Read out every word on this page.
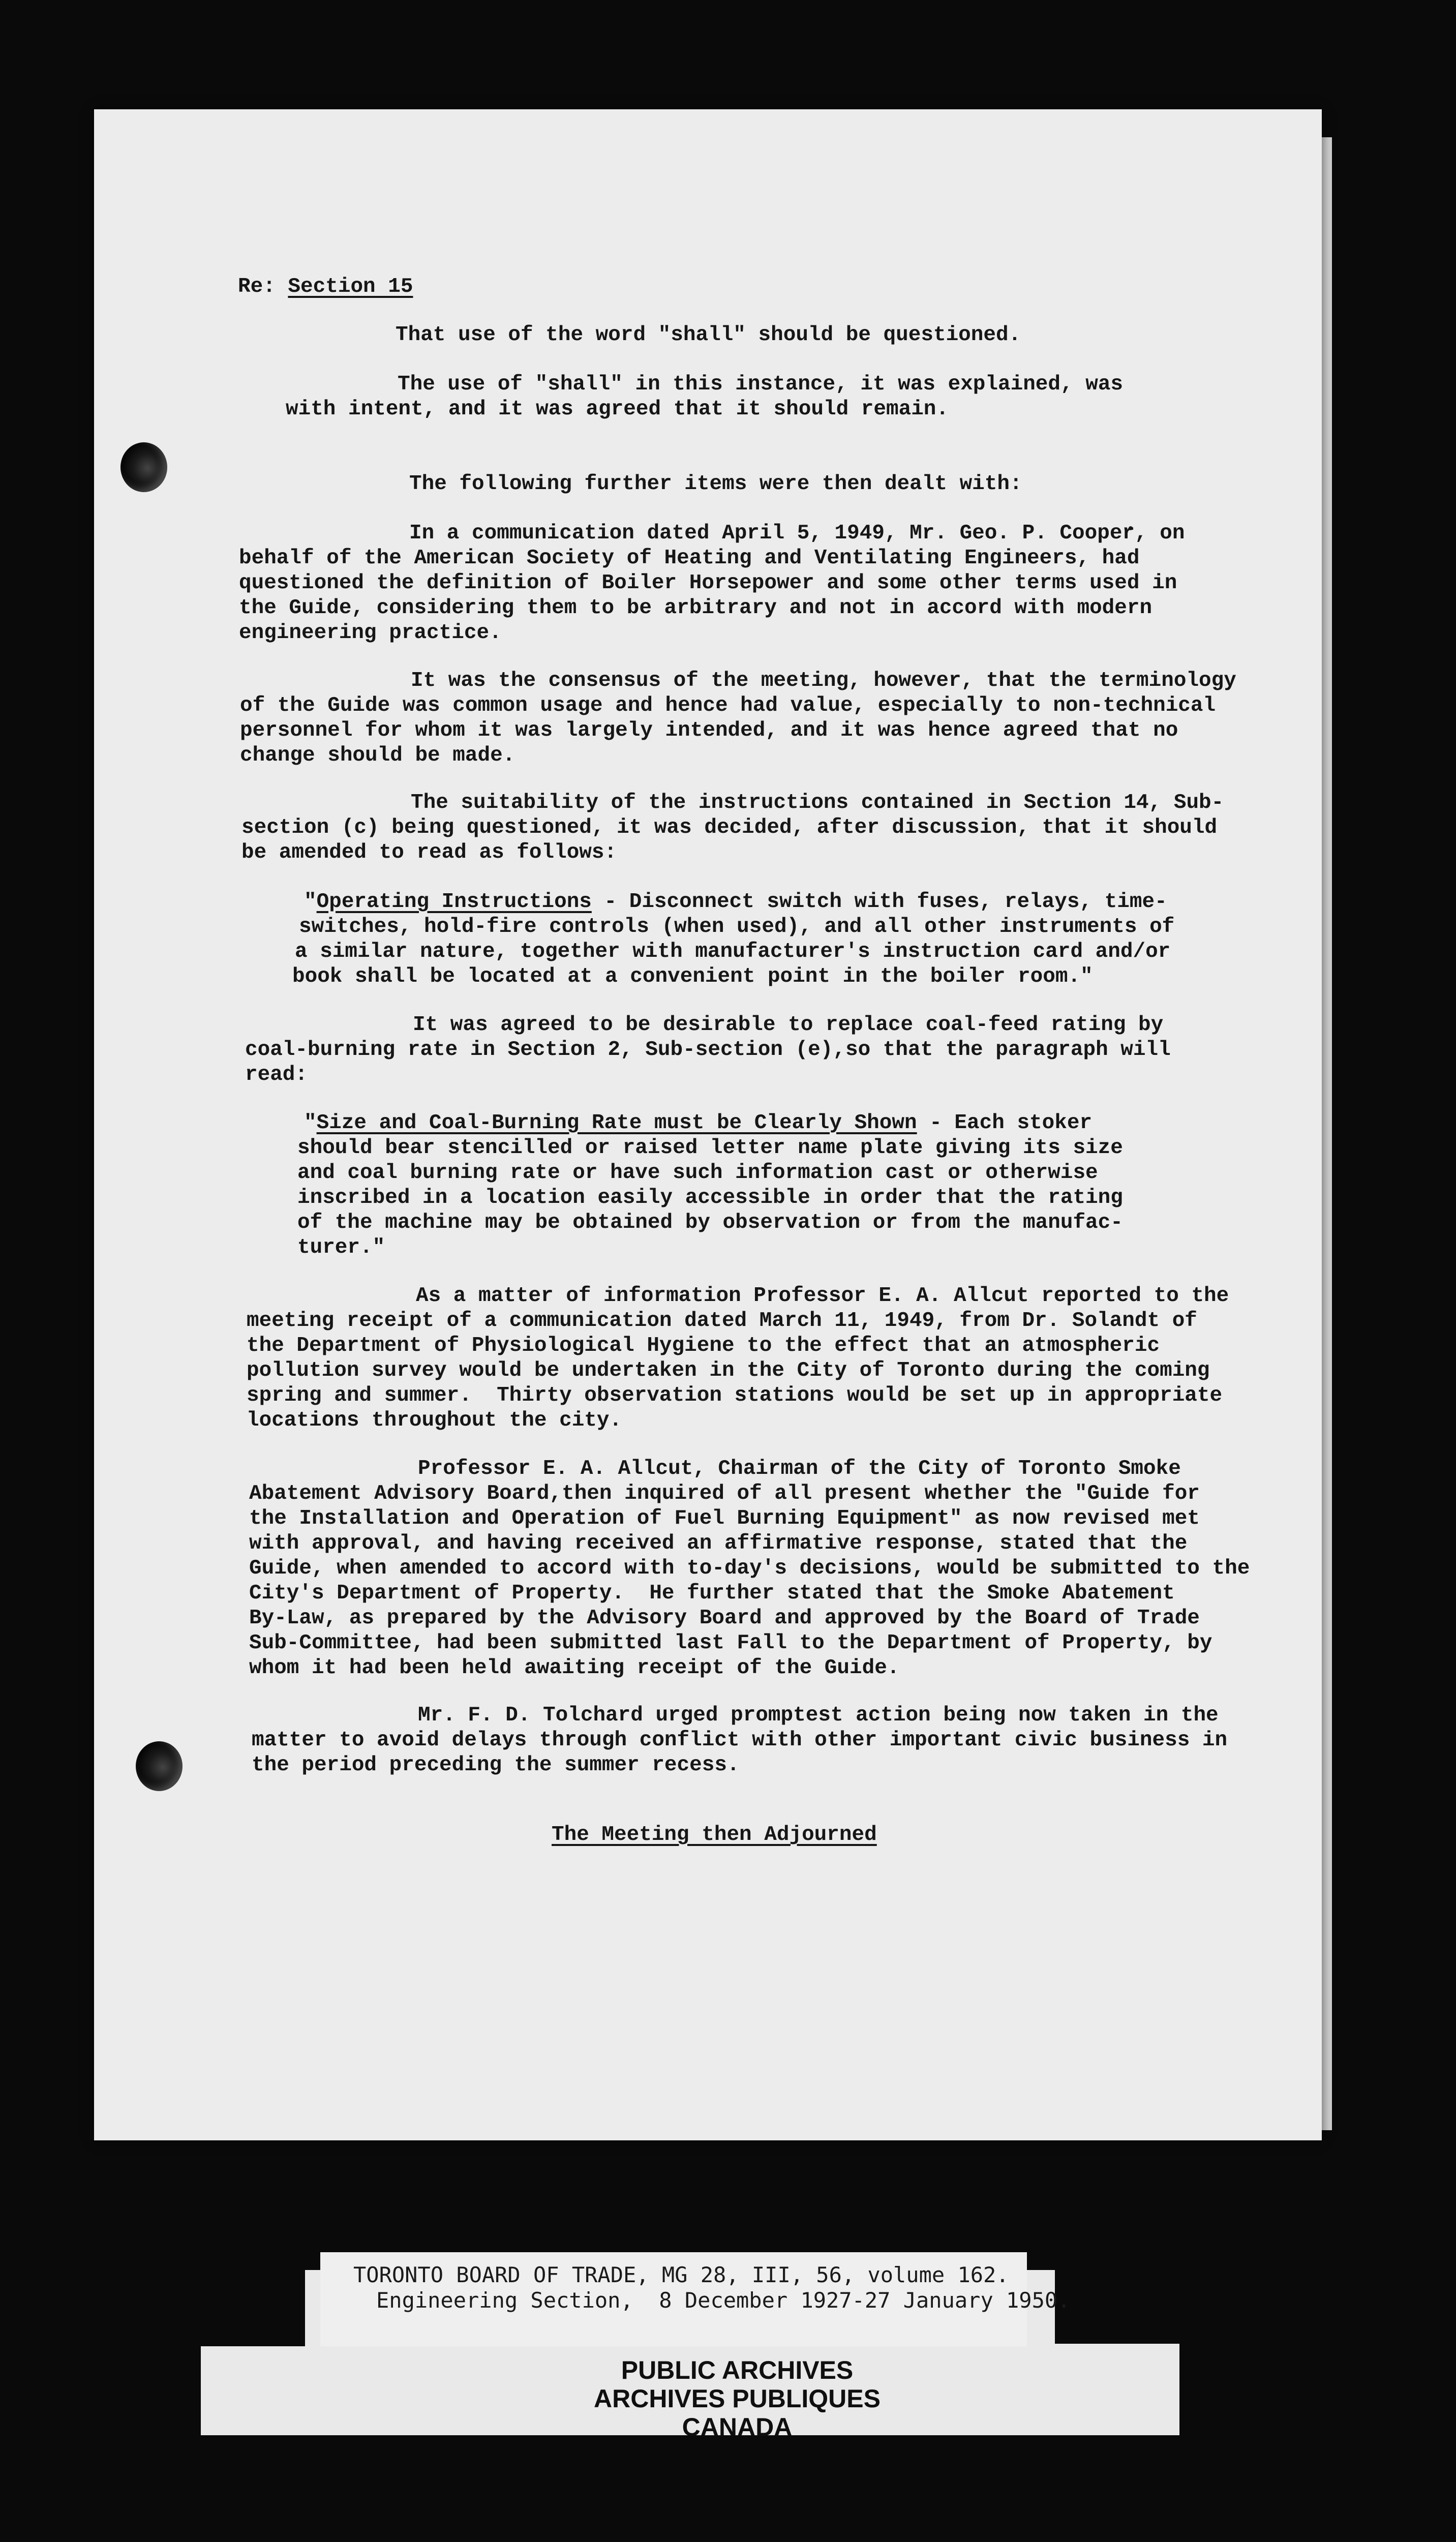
Re: Section 15

That use of the word "shall" should be questioned.

The use of "shall" in this instance, it was explained, was

with intent, and it was agreed that it should remain.

The following further items were then dealt with:

In a communication dated April 5, 1949, Mr. Geo. P. Cooper, on

behalf of the American Society of Heating and Ventilating Engineers, had

questioned the definition of Boiler Horsepower and some other terms used in

the Guide, considering them to be arbitrary and not in accord with modern

engineering practice.

It was the consensus of the meeting, however, that the terminology

of the Guide was common usage and hence had value, especially to non-technical

personnel for whom it was largely intended, and it was hence agreed that no

change should be made.

The suitability of the instructions contained in Section 14, Sub-

section (c) being questioned, it was decided, after discussion, that it should

be amended to read as follows:

"Operating Instructions - Disconnect switch with fuses, relays, time-

switches, hold-fire controls (when used), and all other instruments of

a similar nature, together with manufacturer's instruction card and/or

book shall be located at a convenient point in the boiler room."

It was agreed to be desirable to replace coal-feed rating by

coal-burning rate in Section 2, Sub-section (e),so that the paragraph will

read:

"Size and Coal-Burning Rate must be Clearly Shown - Each stoker

should bear stencilled or raised letter name plate giving its size

and coal burning rate or have such information cast or otherwise

inscribed in a location easily accessible in order that the rating

of the machine may be obtained by observation or from the manufac-

turer."

As a matter of information Professor E. A. Allcut reported to the

meeting receipt of a communication dated March 11, 1949, from Dr. Solandt of

the Department of Physiological Hygiene to the effect that an atmospheric

pollution survey would be undertaken in the City of Toronto during the coming

spring and summer.  Thirty observation stations would be set up in appropriate

locations throughout the city.

Professor E. A. Allcut, Chairman of the City of Toronto Smoke

Abatement Advisory Board,then inquired of all present whether the "Guide for

the Installation and Operation of Fuel Burning Equipment" as now revised met

with approval, and having received an affirmative response, stated that the

Guide, when amended to accord with to-day's decisions, would be submitted to the

City's Department of Property.  He further stated that the Smoke Abatement

By-Law, as prepared by the Advisory Board and approved by the Board of Trade

Sub-Committee, had been submitted last Fall to the Department of Property, by

whom it had been held awaiting receipt of the Guide.

Mr. F. D. Tolchard urged promptest action being now taken in the

matter to avoid delays through conflict with other important civic business in

the period preceding the summer recess.

The Meeting then Adjourned

TORONTO BOARD OF TRADE, MG 28, III, 56, volume 162.

Engineering Section,  8 December 1927-27 January 1950.

PUBLIC ARCHIVES

ARCHIVES PUBLIQUES

CANADA
